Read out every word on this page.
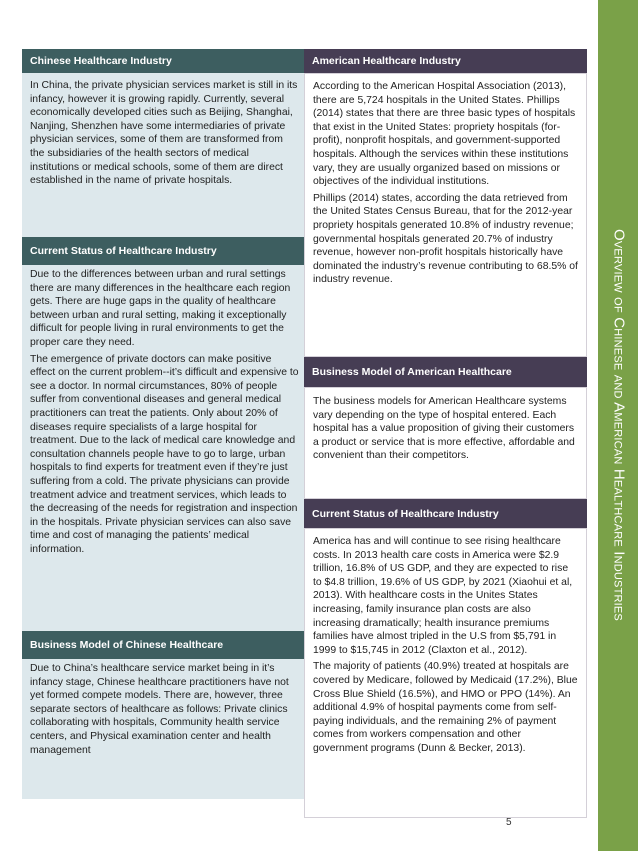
Overview of Chinese and American Healthcare Industries
Chinese Healthcare Industry

In China, the private physician services market is still in its infancy, however it is growing rapidly. Currently, several economically developed cities such as Beijing, Shanghai, Nanjing, Shenzhen have some intermediaries of private physician services, some of them are transformed from the subsidiaries of the health sectors of medical institutions or medical schools, some of them are direct established in the name of private hospitals.

Current Status of Healthcare Industry

Due to the differences between urban and rural settings there are many differences in the healthcare each region gets. There are huge gaps in the quality of healthcare between urban and rural setting, making it exceptionally difficult for people living in rural environments to get the proper care they need.

The emergence of private doctors can make positive effect on the current problem--it’s difficult and expensive to see a doctor. In normal circumstances, 80% of people suffer from conventional diseases and general medical practitioners can treat the patients. Only about 20% of diseases require specialists of a large hospital for treatment. Due to the lack of medical care knowledge and consultation channels people have to go to large, urban hospitals to find experts for treatment even if they’re just suffering from a cold. The private physicians can provide treatment advice and treatment services, which leads to the decreasing of the needs for registration and inspection in the hospitals. Private physician services can also save time and cost of managing the patients’ medical information.

Business Model of Chinese Healthcare

Due to China’s healthcare service market being in it’s infancy stage, Chinese healthcare practitioners have not yet formed compete models. There are, however, three separate sectors of healthcare as follows: Private clinics collaborating with hospitals, Community health service centers, and Physical examination center and health management

American Healthcare Industry

According to the American Hospital Association (2013), there are 5,724 hospitals in the United States. Phillips (2014) states that there are three basic types of hospitals that exist in the United States: propriety hospitals (for-profit), nonprofit hospitals, and government-supported hospitals. Although the services within these institutions vary, they are usually organized based on missions or objectives of the individual institutions.

Phillips (2014) states, according the data retrieved from the United States Census Bureau, that for the 2012-year propriety hospitals generated 10.8% of industry revenue; governmental hospitals generated 20.7% of industry revenue, however non-profit hospitals historically have dominated the industry’s revenue contributing to 68.5% of industry revenue.

Business Model of American Healthcare

The business models for American Healthcare systems vary depending on the type of hospital entered. Each hospital has a value proposition of giving their customers a product or service that is more effective, affordable and convenient than their competitors.

Current Status of Healthcare Industry

America has and will continue to see rising healthcare costs. In 2013 health care costs in America were $2.9 trillion, 16.8% of US GDP, and they are expected to rise to $4.8 trillion, 19.6% of US GDP, by 2021 (Xiaohui et al, 2013). With healthcare costs in the Unites States increasing, family insurance plan costs are also increasing dramatically; health insurance premiums families have almost tripled in the U.S from $5,791 in 1999 to $15,745 in 2012 (Claxton et al., 2012).

The majority of patients (40.9%) treated at hospitals are covered by Medicare, followed by Medicaid (17.2%), Blue Cross Blue Shield (16.5%), and HMO or PPO (14%). An additional 4.9% of hospital payments come from self-paying individuals, and the remaining 2% of payment comes from workers compensation and other government programs (Dunn & Becker, 2013).

5
